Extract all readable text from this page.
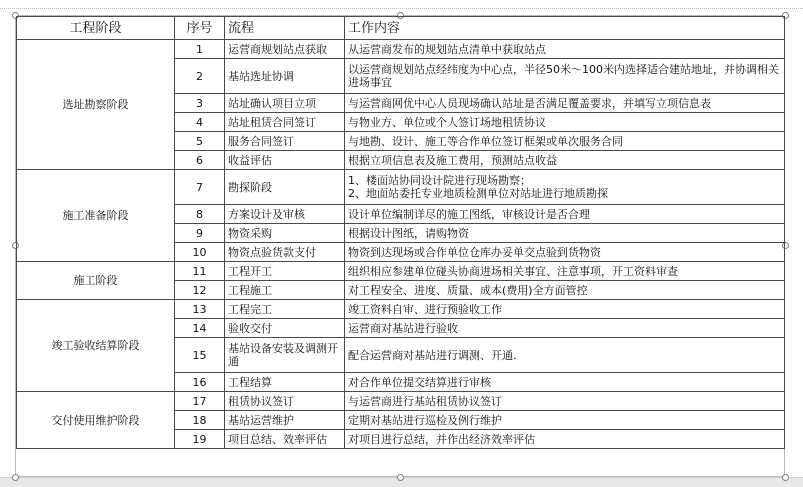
工程阶段	序号	流程	工作内容
选址勘察阶段	1	运营商规划站点获取	从运营商发布的规划站点清单中获取站点
	2	基站选址协调	以运营商规划站点经纬度为中心点，半径50米～100米内选择适合建站地址，并协调相关进场事宜
	3	站址确认项目立项	与运营商网优中心人员现场确认站址是否满足覆盖要求，并填写立项信息表
	4	站址租赁合同签订	与物业方、单位或个人签订场地租赁协议
	5	服务合同签订	与地勘、设计、施工等合作单位签订框架或单次服务合同
	6	收益评估	根据立项信息表及施工费用，预测站点收益
施工准备阶段	7	勘探阶段	1、楼面站协同设计院进行现场勘察；
2、地面站委托专业地质检测单位对站址进行地质勘探

	8	方案设计及审核	设计单位编制详尽的施工图纸，审核设计是否合理
	9	物资采购	根据设计图纸，请购物资
	10	物资点验货款支付	物资到达现场或合作单位仓库办妥单交点验到货物资
施工阶段	11	工程开工	组织相应参建单位碰头协商进场相关事宜、注意事项，开工资料审查
	12	工程施工	对工程安全、进度、质量、成本(费用)全方面管控
竣工验收结算阶段	13	工程完工	竣工资料自审、进行预验收工作
	14	验收交付	运营商对基站进行验收
	15	基站设备安装及调测开通	配合运营商对基站进行调测、开通.
	16	工程结算	对合作单位提交结算进行审核
交付使用维护阶段	17	租赁协议签订	与运营商进行基站租赁协议签订
	18	基站运营维护	定期对基站进行巡检及例行维护
	19	项目总结、效率评估	对项目进行总结，并作出经济效率评估
